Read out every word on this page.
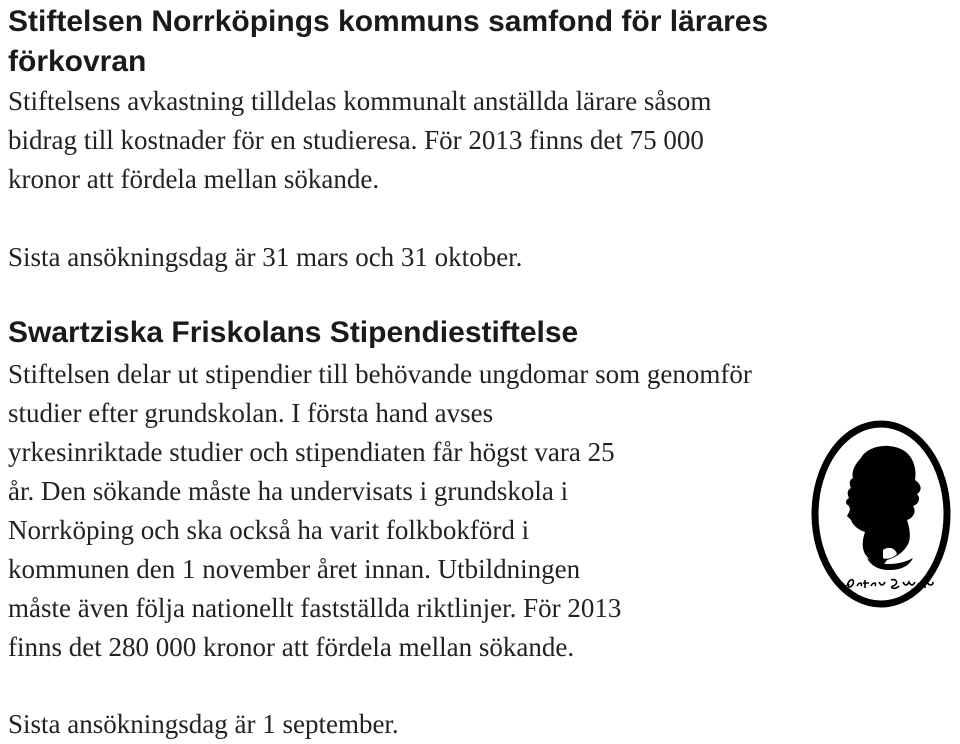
Stiftelsen Norrköpings kommuns samfond för lärares
förkovran

Stiftelsens avkastning tilldelas kommunalt anställda lärare såsom
bidrag till kostnader för en studieresa. För 2013 finns det 75 000
kronor att fördela mellan sökande.

Sista ansökningsdag är 31 mars och 31 oktober.

Swartziska Friskolans Stipendiestiftelse

Stiftelsen delar ut stipendier till behövande ungdomar som genomför
studier efter grundskolan. I första hand avses

yrkesinriktade studier och stipendiaten får högst vara 25
år. Den sökande måste ha undervisats i grundskola i
Norrköping och ska också ha varit folkbokförd i
kommunen den 1 november året innan. Utbildningen
måste även följa nationellt fastställda riktlinjer. För 2013
finns det 280 000 kronor att fördela mellan sökande.

Sista ansökningsdag är 1 september.
